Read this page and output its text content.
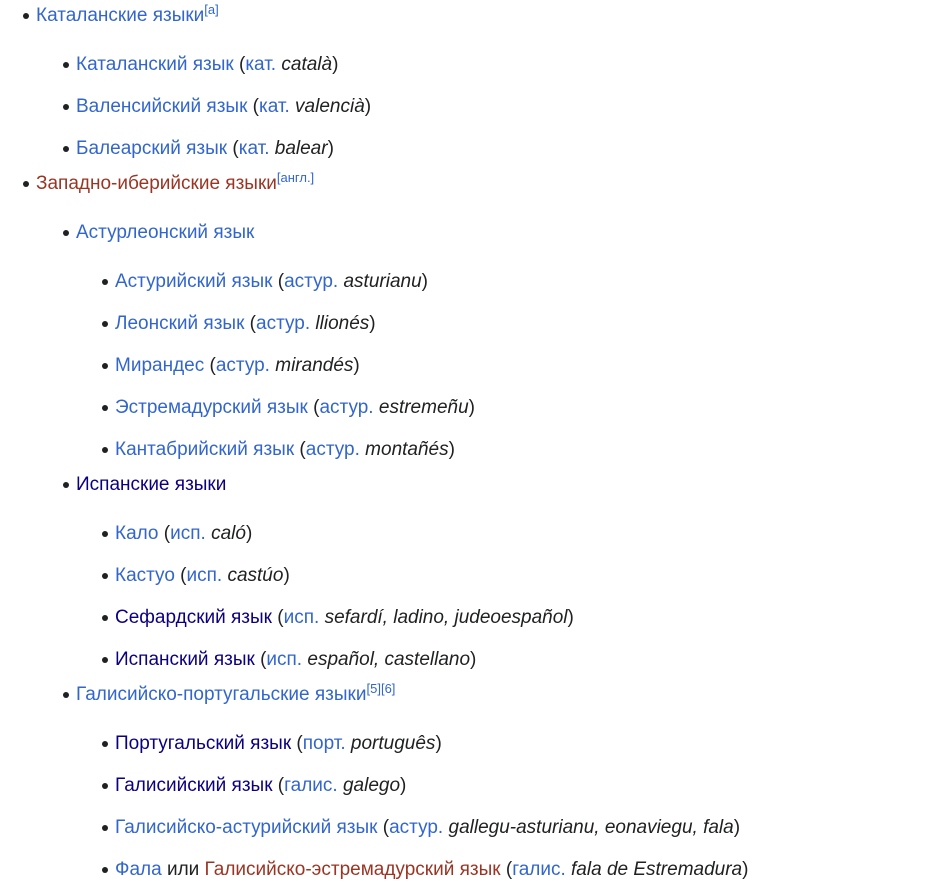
Каталанские языки[a]
Каталанский язык (кат. català)
Валенсийский язык (кат. valencià)
Балеарский язык (кат. balear)
Западно-иберийские языки[англ.]
Астурлеонский язык
Астурийский язык (астур. asturianu)
Леонский язык (астур. llionés)
Мирандес (астур. mirandés)
Эстремадурский язык (астур. estremeñu)
Кантабрийский язык (астур. montañés)
Испанские языки
Кало (исп. caló)
Кастуо (исп. castúo)
Сефардский язык (исп. sefardí, ladino, judeoespañol)
Испанский язык (исп. español, castellano)
Галисийско-португальские языки[5][6]
Португальский язык (порт. português)
Галисийский язык (галис. galego)
Галисийско-астурийский язык (астур. gallegu-asturianu, eonaviegu, fala)
Фала или Галисийско-эстремадурский язык (галис. fala de Estremadura)
